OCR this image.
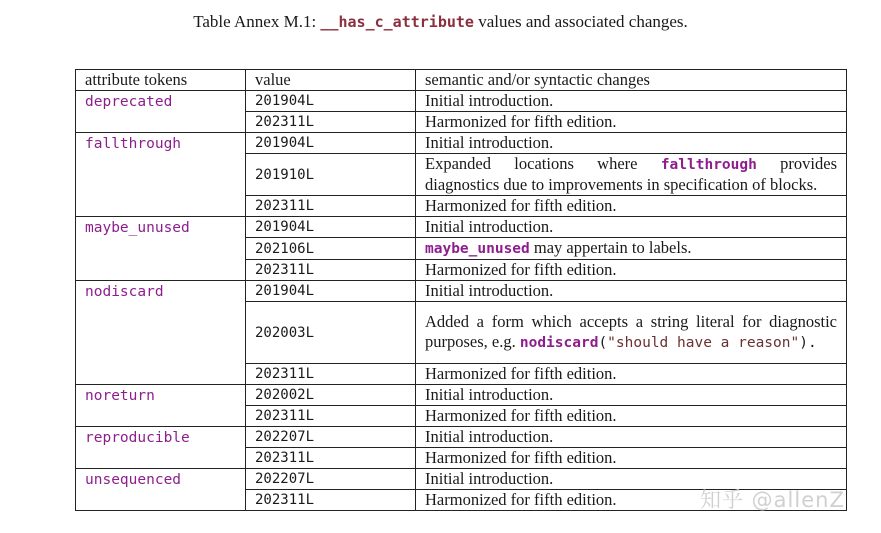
Table Annex M.1: __has_c_attribute values and associated changes.
attribute tokens	value	semantic and/or syntactic changes
deprecated	201904L	Initial introduction.
	202311L	Harmonized for fifth edition.
fallthrough	201904L	Initial introduction.
	201910L	Expanded locations where fallthrough provides diagnostics due to improvements in specification of blocks.
	202311L	Harmonized for fifth edition.
maybe_unused	201904L	Initial introduction.
	202106L	maybe_unused may appertain to labels.
	202311L	Harmonized for fifth edition.
nodiscard	201904L	Initial introduction.
	202003L	Added a form which accepts a string literal for diagnostic purposes, e.g. nodiscard("should have a reason").
	202311L	Harmonized for fifth edition.
noreturn	202002L	Initial introduction.
	202311L	Harmonized for fifth edition.
reproducible	202207L	Initial introduction.
	202311L	Harmonized for fifth edition.
unsequenced	202207L	Initial introduction.
	202311L	Harmonized for fifth edition.	知乎 @allenZ
